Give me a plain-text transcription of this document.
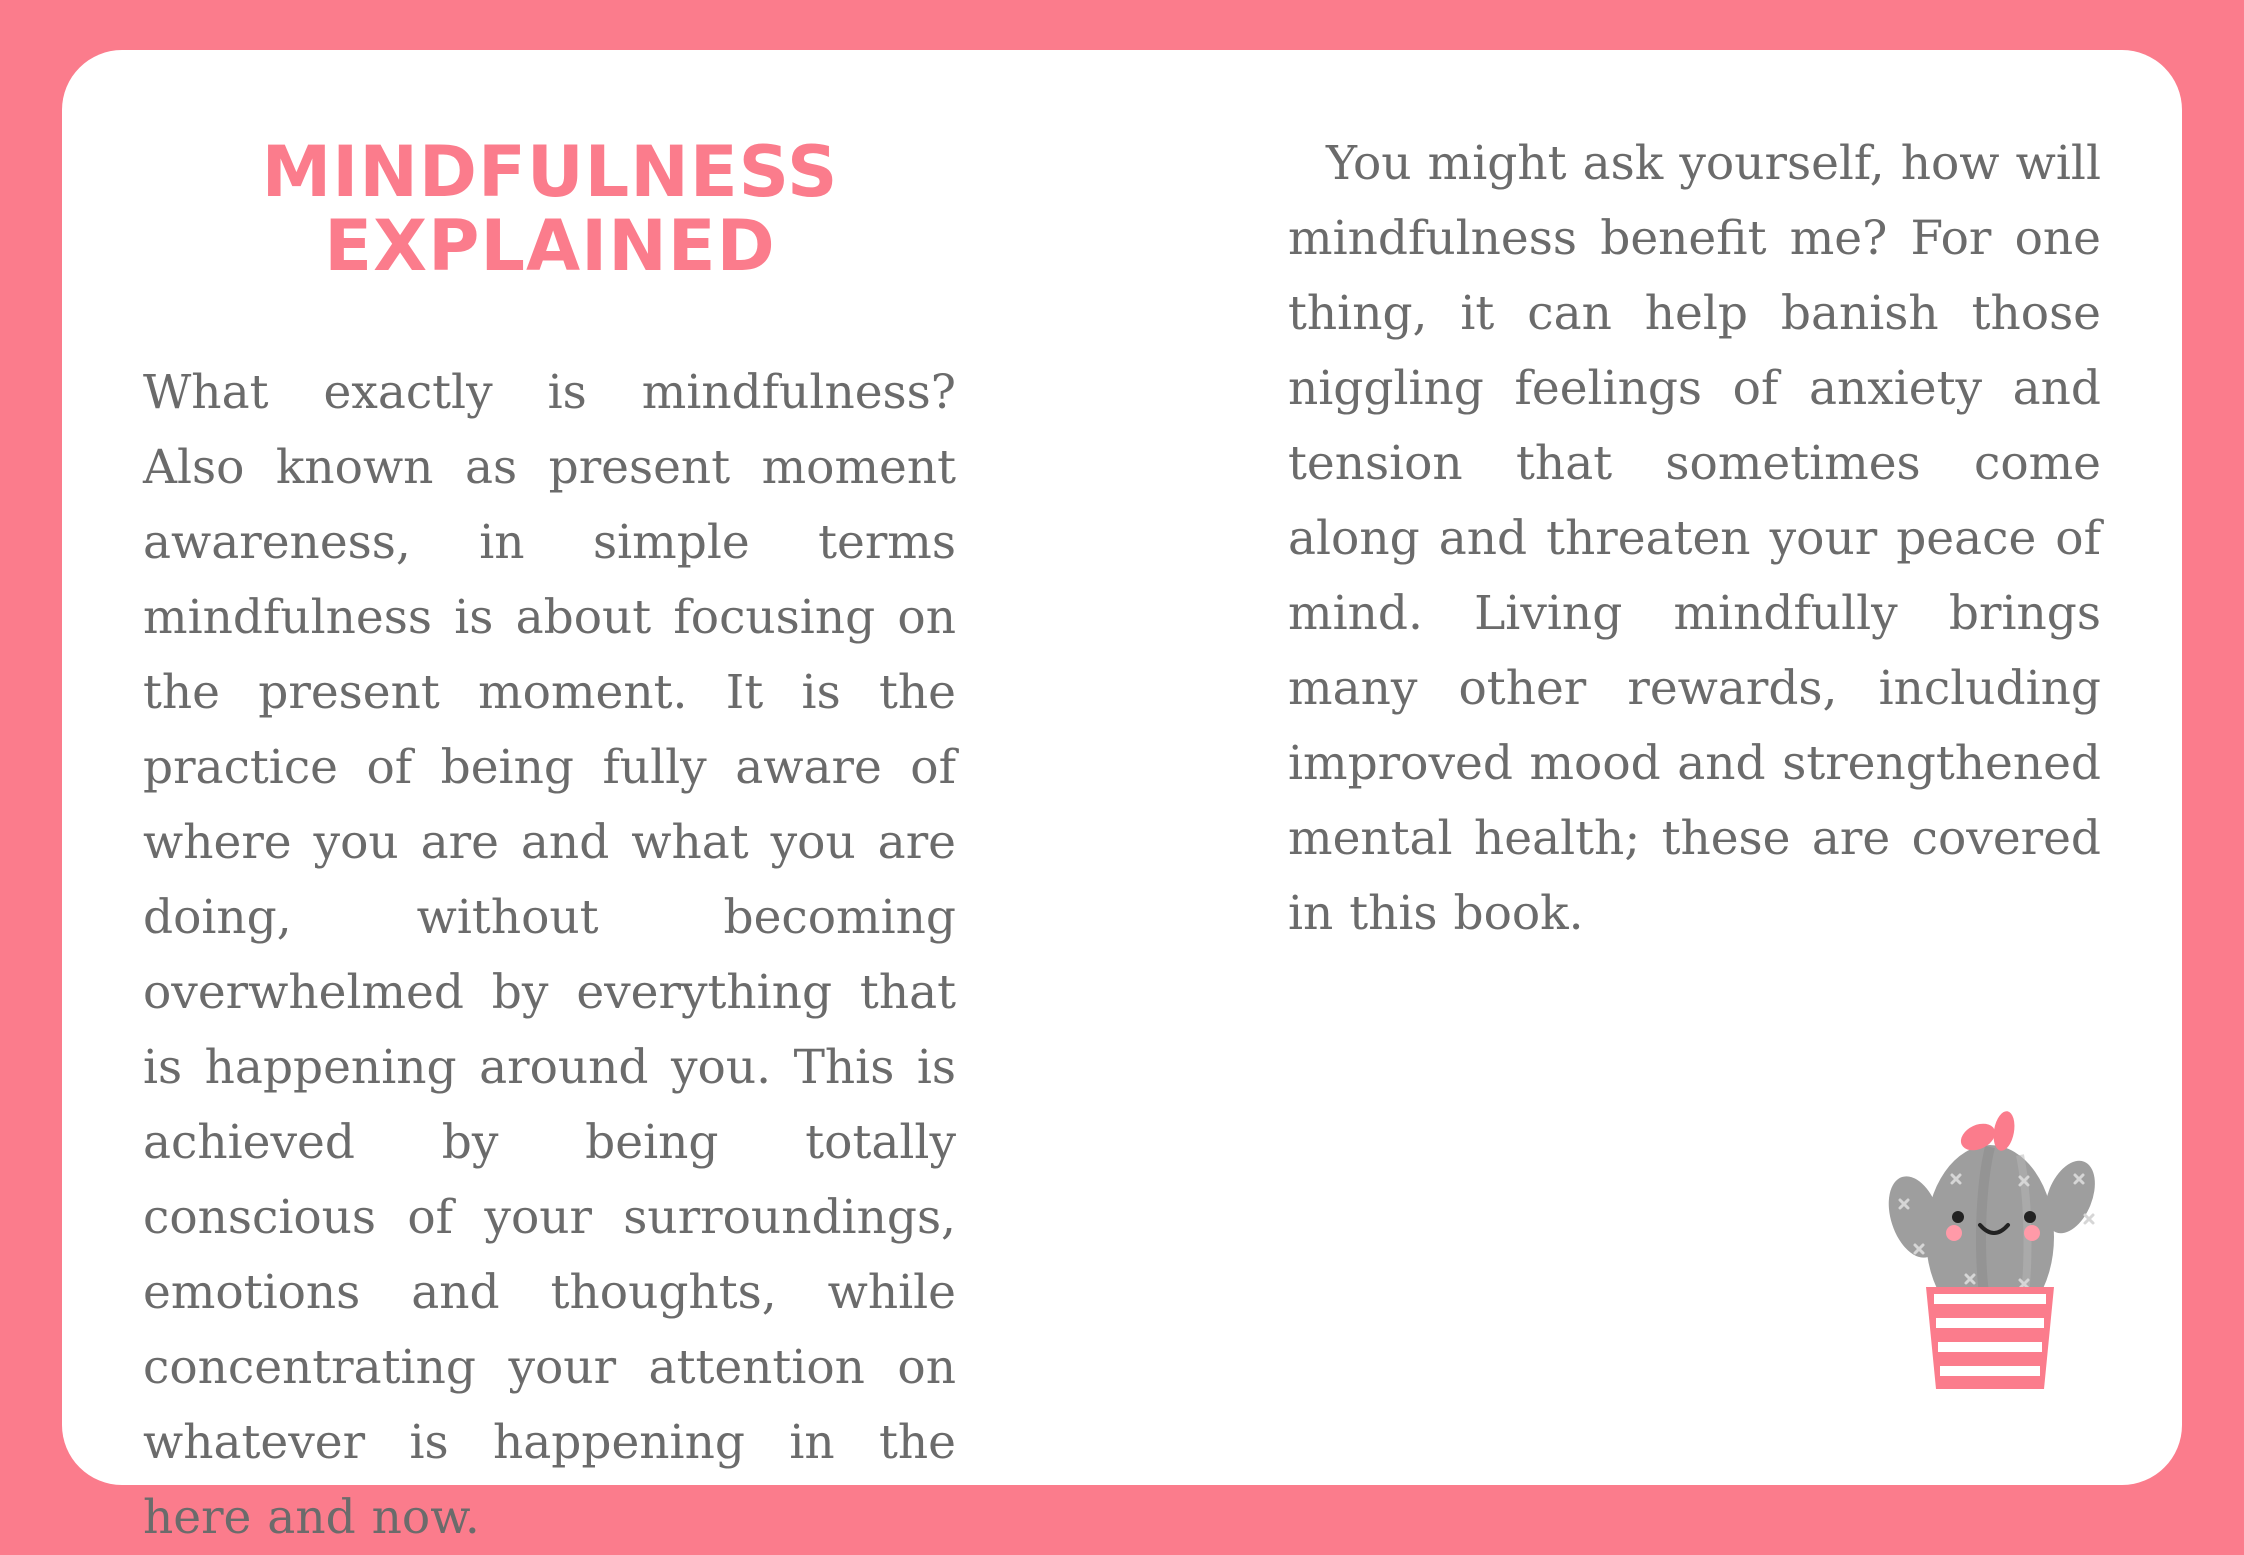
MINDFULNESS
EXPLAINED

What exactly is mindfulness? Also known as present moment awareness, in simple terms mindfulness is about focusing on the present moment. It is the practice of being fully aware of where you are and what you are doing, without becoming overwhelmed by everything that is happening around you. This is achieved by being totally conscious of your surroundings, emotions and thoughts, while concentrating your attention on whatever is happening in the here and now.

You might ask yourself, how will mindfulness benefit me? For one thing, it can help banish those niggling feelings of anxiety and tension that sometimes come along and threaten your peace of mind. Living mindfully brings many other rewards, including improved mood and strengthened mental health; these are covered in this book.
